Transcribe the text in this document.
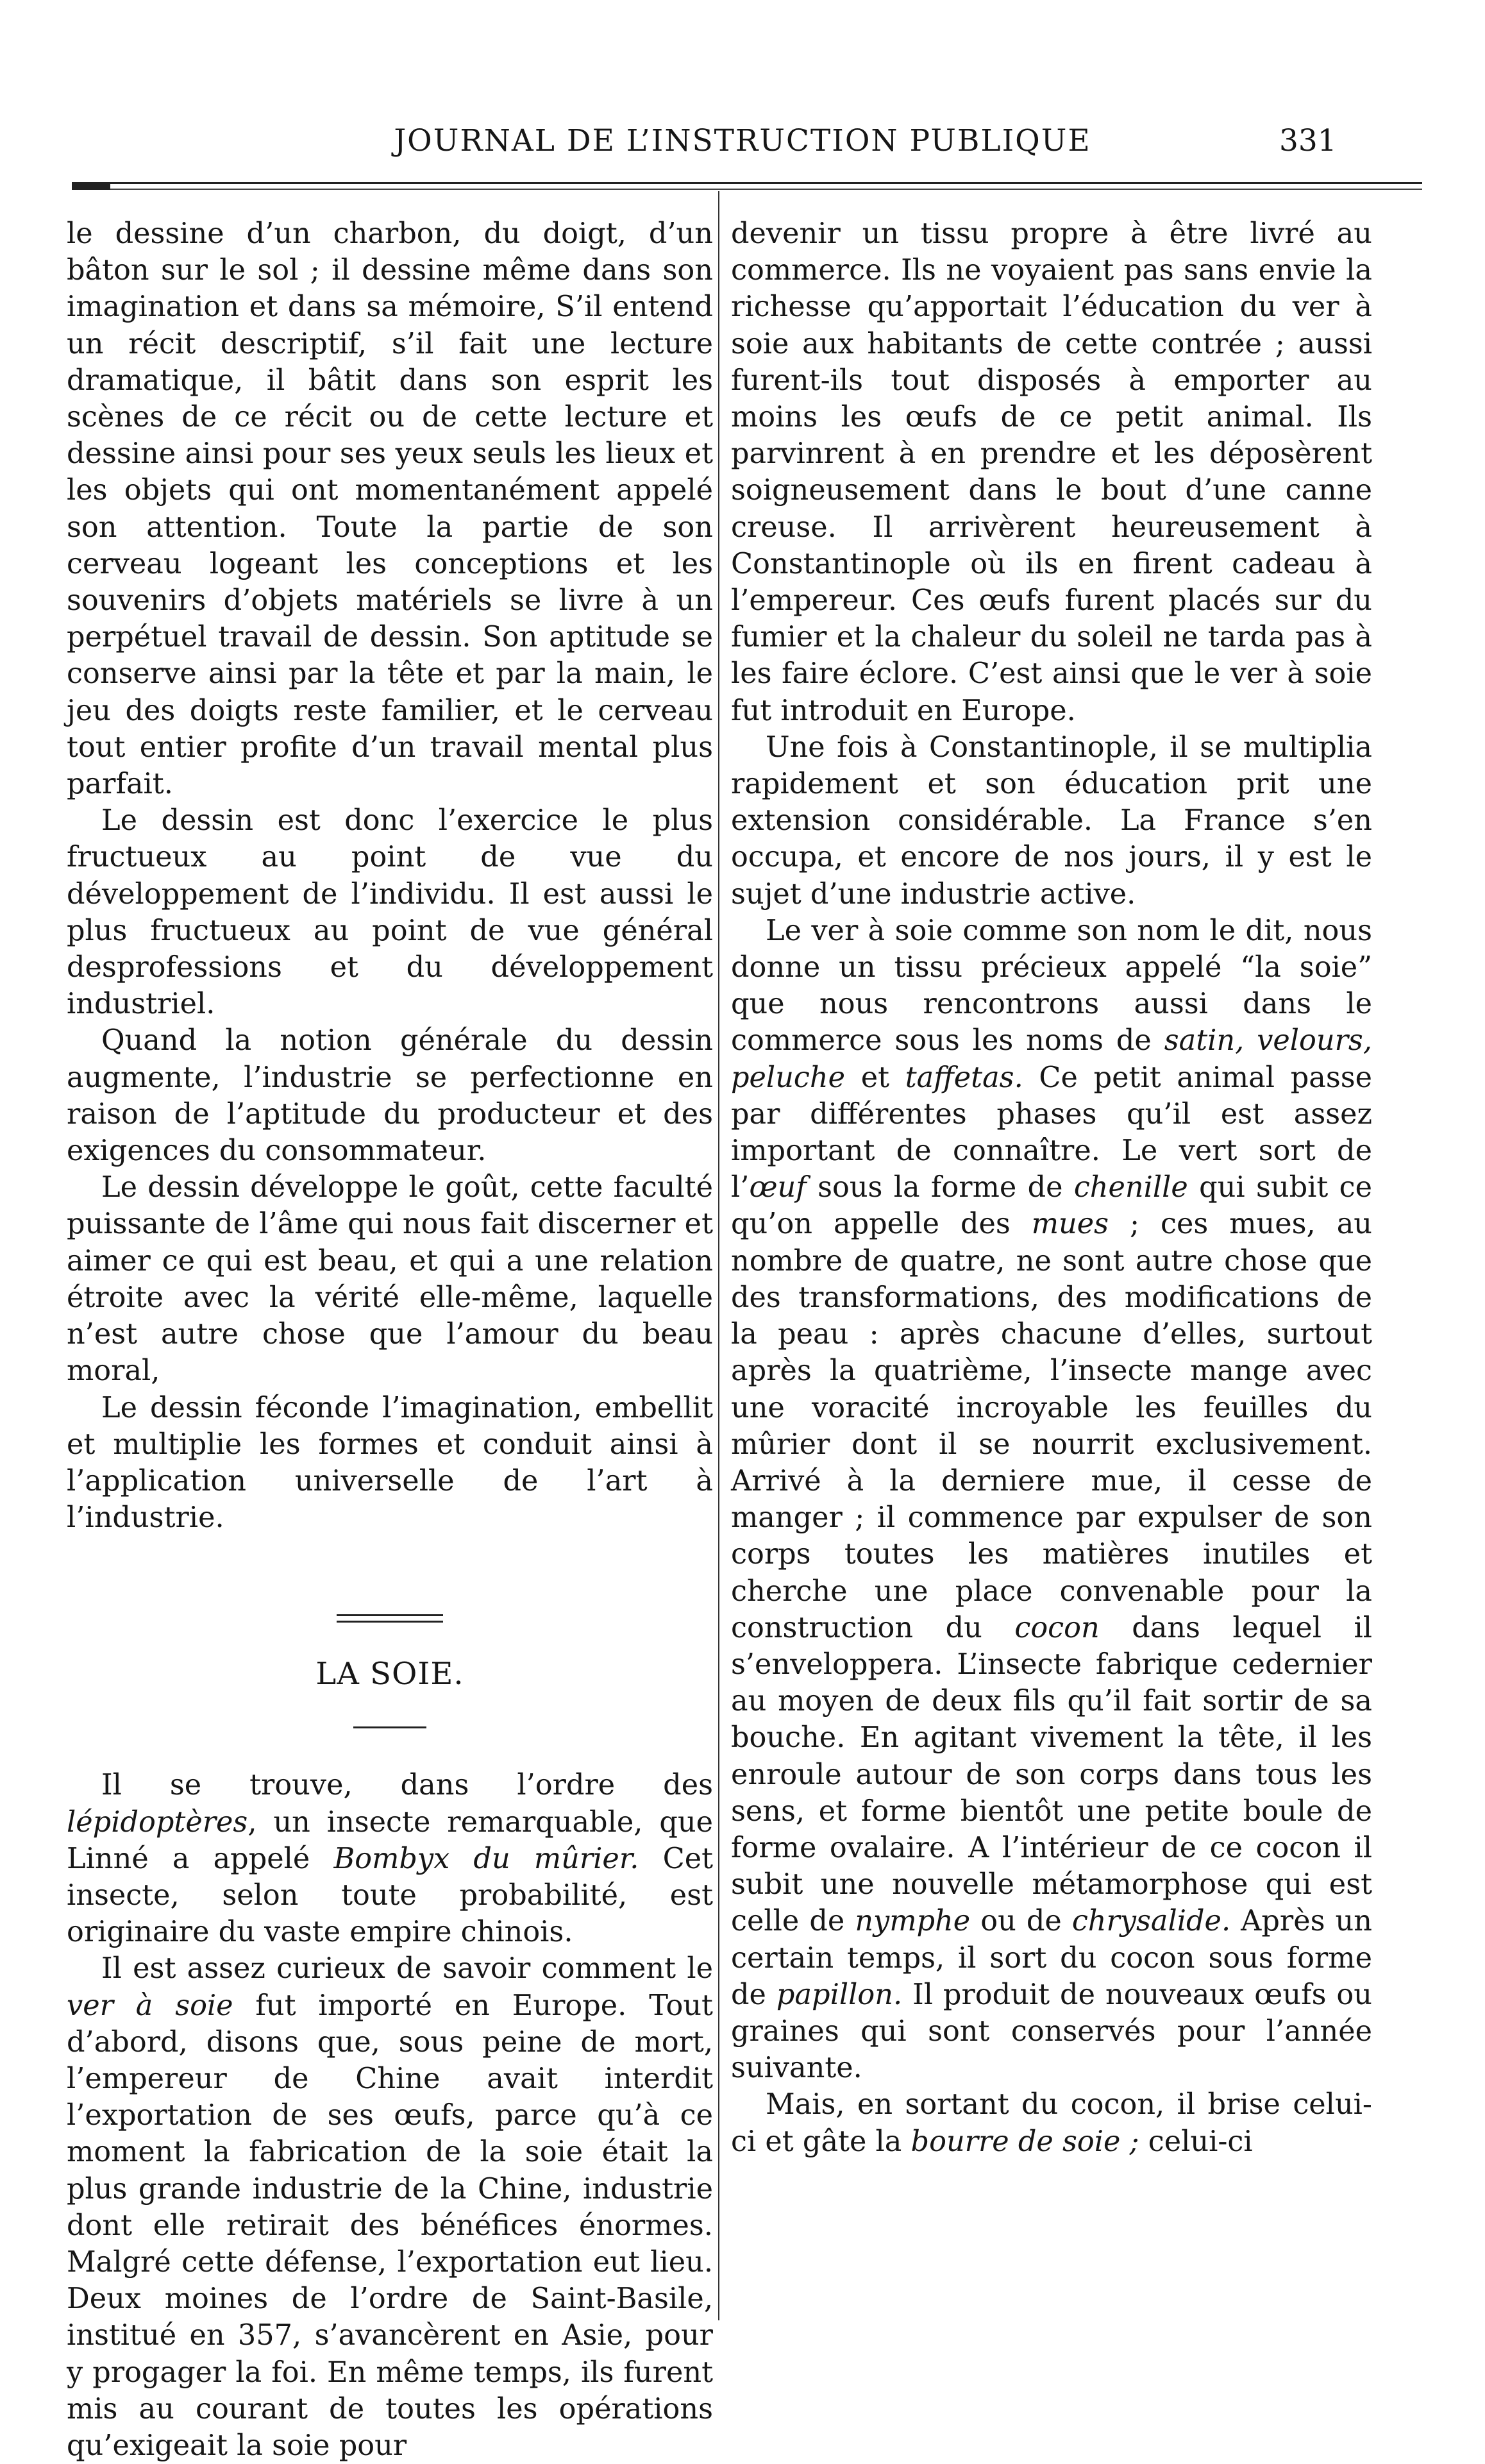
JOURNAL DE L’INSTRUCTION PUBLIQUE	331

le dessine d’un charbon, du doigt, d’un bâton sur le sol ; il dessine même dans son imagination et dans sa mémoire, S’il entend un récit descriptif, s’il fait une lecture dramatique, il bâtit dans son esprit les scènes de ce récit ou de cette lecture et dessine ainsi pour ses yeux seuls les lieux et les objets qui ont momentanément appelé son attention. Toute la partie de son cerveau logeant les conceptions et les souvenirs d’objets matériels se livre à un perpétuel travail de dessin. Son aptitude se conserve ainsi par la tête et par la main, le jeu des doigts reste familier, et le cerveau tout entier profite d’un travail mental plus parfait.

Le dessin est donc l’exercice le plus fructueux au point de vue du développement de l’individu. Il est aussi le plus fructueux au point de vue général desprofessions et du développement industriel.

Quand la notion générale du dessin augmente, l’industrie se perfectionne en raison de l’aptitude du producteur et des exigences du consommateur.

Le dessin développe le goût, cette faculté puissante de l’âme qui nous fait discerner et aimer ce qui est beau, et qui a une relation étroite avec la vérité elle-même, laquelle n’est autre chose que l’amour du beau moral,

Le dessin féconde l’imagination, embellit et multiplie les formes et conduit ainsi à l’application universelle de l’art à l’industrie.

LA SOIE.

Il se trouve, dans l’ordre des lépidoptères, un insecte remarquable, que Linné a appelé Bombyx du mûrier. Cet insecte, selon toute probabilité, est originaire du vaste empire chinois.

Il est assez curieux de savoir comment le ver à soie fut importé en Europe. Tout d’abord, disons que, sous peine de mort, l’empereur de Chine avait interdit l’exportation de ses œufs, parce qu’à ce moment la fabrication de la soie était la plus grande industrie de la Chine, industrie dont elle retirait des bénéfices énormes. Malgré cette défense, l’exportation eut lieu. Deux moines de l’ordre de Saint-Basile, institué en 357, s’avancèrent en Asie, pour y progager la foi. En même temps, ils furent mis au courant de toutes les opérations qu’exigeait la soie pour

devenir un tissu propre à être livré au commerce. Ils ne voyaient pas sans envie la richesse qu’apportait l’éducation du ver à soie aux habitants de cette contrée ; aussi furent-ils tout disposés à emporter au moins les œufs de ce petit animal. Ils parvinrent à en prendre et les déposèrent soigneusement dans le bout d’une canne creuse. Il arrivèrent heureusement à Constantinople où ils en firent cadeau à l’empereur. Ces œufs furent placés sur du fumier et la chaleur du soleil ne tarda pas à les faire éclore. C’est ainsi que le ver à soie fut introduit en Europe.

Une fois à Constantinople, il se multiplia rapidement et son éducation prit une extension considérable. La France s’en occupa, et encore de nos jours, il y est le sujet d’une industrie active.

Le ver à soie comme son nom le dit, nous donne un tissu précieux appelé “la soie” que nous rencontrons aussi dans le commerce sous les noms de satin, velours, peluche et taffetas. Ce petit animal passe par différentes phases qu’il est assez important de connaître. Le vert sort de l’œuf sous la forme de chenille qui subit ce qu’on appelle des mues ; ces mues, au nombre de quatre, ne sont autre chose que des transformations, des modifications de la peau : après chacune d’elles, surtout après la quatrième, l’insecte mange avec une voracité incroyable les feuilles du mûrier dont il se nourrit exclusivement. Arrivé à la derniere mue, il cesse de manger ; il commence par expulser de son corps toutes les matières inutiles et cherche une place convenable pour la construction du cocon dans lequel il s’enveloppera. L’insecte fabrique cedernier au moyen de deux fils qu’il fait sortir de sa bouche. En agitant vivement la tête, il les enroule autour de son corps dans tous les sens, et forme bientôt une petite boule de forme ovalaire. A l’intérieur de ce cocon il subit une nouvelle métamorphose qui est celle de nymphe ou de chrysalide. Après un certain temps, il sort du cocon sous forme de papillon. Il produit de nouveaux œufs ou graines qui sont conservés pour l’année suivante.

Mais, en sortant du cocon, il brise celui-ci et gâte la bourre de soie ; celui-ci
